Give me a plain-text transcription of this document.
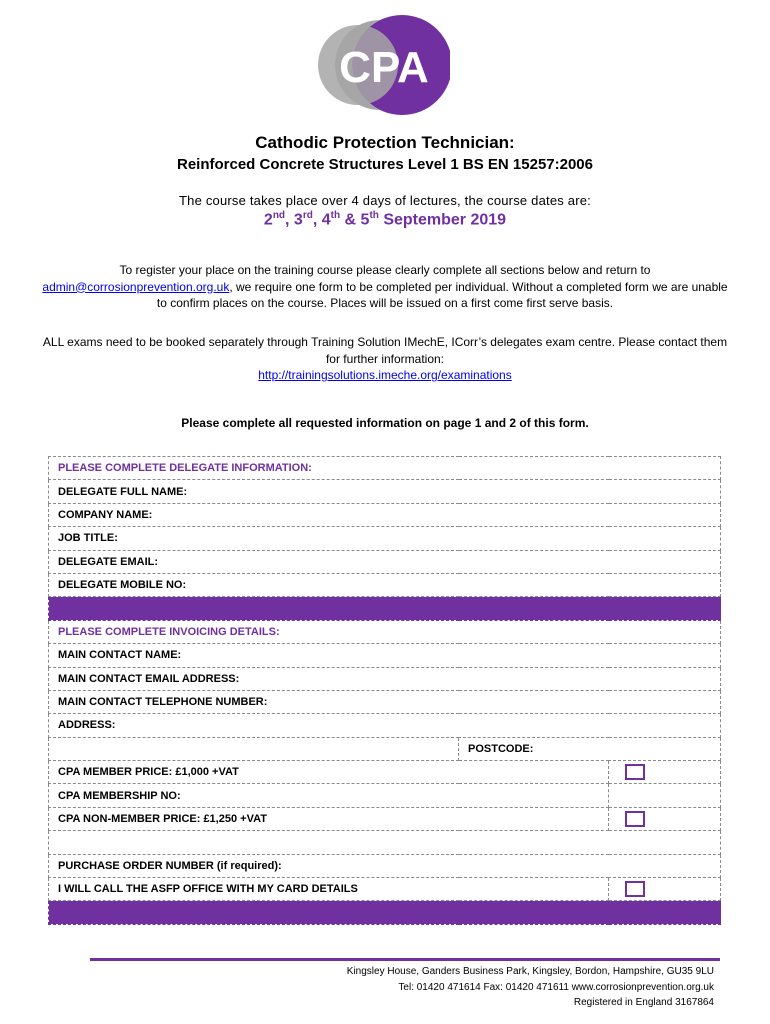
CPA
Cathodic Protection Technician:
Reinforced Concrete Structures Level 1 BS EN 15257:2006
The course takes place over 4 days of lectures, the course dates are:
2nd, 3rd, 4th & 5th September 2019
To register your place on the training course please clearly complete all sections below and return to admin@corrosionprevention.org.uk, we require one form to be completed per individual. Without a completed form we are unable to confirm places on the course. Places will be issued on a first come first serve basis.
ALL exams need to be booked separately through Training Solution IMechE, ICorr’s delegates exam centre. Please contact them for further information:
http://trainingsolutions.imeche.org/examinations
Please complete all requested information on page 1 and 2 of this form.
PLEASE COMPLETE DELEGATE INFORMATION:		
DELEGATE FULL NAME:		
COMPANY NAME:		
JOB TITLE:		
DELEGATE EMAIL:		
DELEGATE MOBILE NO:		

PLEASE COMPLETE INVOICING DETAILS:		
MAIN CONTACT NAME:		
MAIN CONTACT EMAIL ADDRESS:		
MAIN CONTACT TELEPHONE NUMBER:		
ADDRESS:		
	POSTCODE:	
CPA MEMBER PRICE: £1,000 +VAT		
CPA MEMBERSHIP NO:		
CPA NON-MEMBER PRICE: £1,250 +VAT		

PURCHASE ORDER NUMBER (if required):		
I WILL CALL THE ASFP OFFICE WITH MY CARD DETAILS		

Kingsley House, Ganders Business Park, Kingsley, Bordon, Hampshire, GU35 9LU
Tel: 01420 471614 Fax: 01420 471611 www.corrosionprevention.org.uk
Registered in England 3167864
